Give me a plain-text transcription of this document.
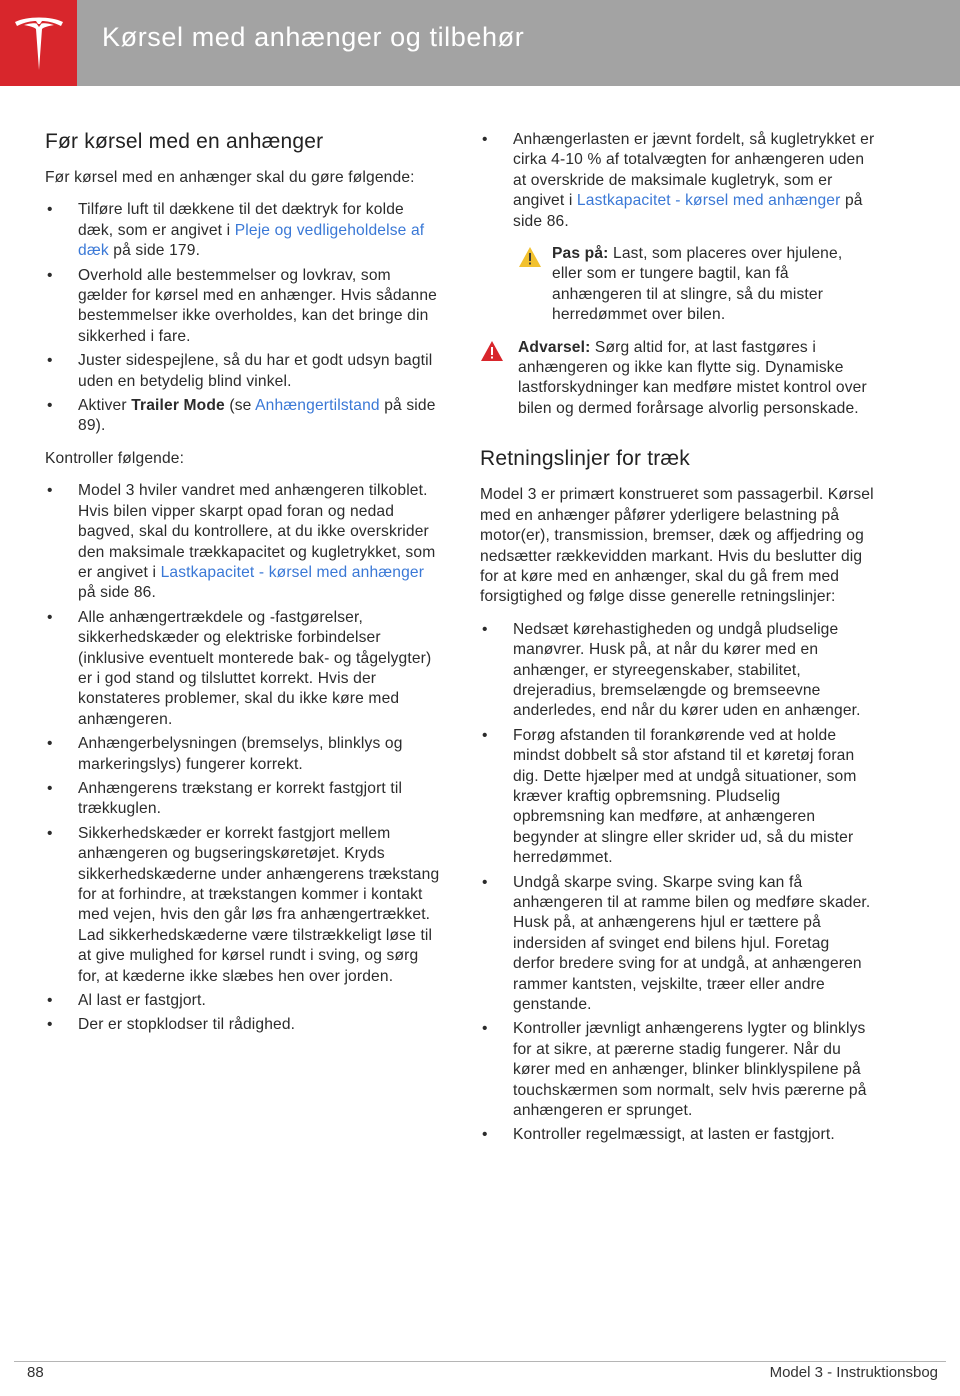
Kørsel med anhænger og tilbehør
Før kørsel med en anhænger

Før kørsel med en anhænger skal du gøre følgende:

• Tilføre luft til dækkene til det dæktryk for kolde dæk, som er angivet i Pleje og vedligeholdelse af dæk på side 179.
• Overhold alle bestemmelser og lovkrav, som gælder for kørsel med en anhænger. Hvis sådanne bestemmelser ikke overholdes, kan det bringe din sikkerhed i fare.
• Juster sidespejlene, så du har et godt udsyn bagtil uden en betydelig blind vinkel.
• Aktiver Trailer Mode (se Anhængertilstand på side 89).

Kontroller følgende:

• Model 3 hviler vandret med anhængeren tilkoblet. Hvis bilen vipper skarpt opad foran og nedad bagved, skal du kontrollere, at du ikke overskrider den maksimale trækkapacitet og kugletrykket, som er angivet i Lastkapacitet - kørsel med anhænger på side 86.
• Alle anhængertrækdele og -fastgørelser, sikkerhedskæder og elektriske forbindelser (inklusive eventuelt monterede bak- og tågelygter) er i god stand og tilsluttet korrekt. Hvis der konstateres problemer, skal du ikke køre med anhængeren.
• Anhængerbelysningen (bremselys, blinklys og markeringslys) fungerer korrekt.
• Anhængerens trækstang er korrekt fastgjort til trækkuglen.
• Sikkerhedskæder er korrekt fastgjort mellem anhængeren og bugseringskøretøjet. Kryds sikkerhedskæderne under anhængerens trækstang for at forhindre, at trækstangen kommer i kontakt med vejen, hvis den går løs fra anhængertrækket. Lad sikkerhedskæderne være tilstrækkeligt løse til at give mulighed for kørsel rundt i sving, og sørg for, at kæderne ikke slæbes hen over jorden.
• Al last er fastgjort.
• Der er stopklodser til rådighed.
• Anhængerlasten er jævnt fordelt, så kugletrykket er cirka 4-10 % af totalvægten for anhængeren uden at overskride de maksimale kugletryk, som er angivet i Lastkapacitet - kørsel med anhænger på side 86.
Pas på: Last, som placeres over hjulene, eller som er tungere bagtil, kan få anhængeren til at slingre, så du mister herredømmet over bilen.
Advarsel: Sørg altid for, at last fastgøres i anhængeren og ikke kan flytte sig. Dynamiske lastforskydninger kan medføre mistet kontrol over bilen og dermed forårsage alvorlig personskade.
Retningslinjer for træk

Model 3 er primært konstrueret som passagerbil. Kørsel med en anhænger påfører yderligere belastning på motor(er), transmission, bremser, dæk og affjedring og nedsætter rækkevidden markant. Hvis du beslutter dig for at køre med en anhænger, skal du gå frem med forsigtighed og følge disse generelle retningslinjer:

• Nedsæt kørehastigheden og undgå pludselige manøvrer. Husk på, at når du kører med en anhænger, er styreegenskaber, stabilitet, drejeradius, bremselængde og bremseevne anderledes, end når du kører uden en anhænger.
• Forøg afstanden til forankørende ved at holde mindst dobbelt så stor afstand til et køretøj foran dig. Dette hjælper med at undgå situationer, som kræver kraftig opbremsning. Pludselig opbremsning kan medføre, at anhængeren begynder at slingre eller skrider ud, så du mister herredømmet.
• Undgå skarpe sving. Skarpe sving kan få anhængeren til at ramme bilen og medføre skader. Husk på, at anhængerens hjul er tættere på indersiden af svinget end bilens hjul. Foretag derfor bredere sving for at undgå, at anhængeren rammer kantsten, vejskilte, træer eller andre genstande.
• Kontroller jævnligt anhængerens lygter og blinklys for at sikre, at pærerne stadig fungerer. Når du kører med en anhænger, blinker blinklyspilene på touchskærmen som normalt, selv hvis pærerne på anhængeren er sprunget.
• Kontroller regelmæssigt, at lasten er fastgjort.
88	Model 3 - Instruktionsbog
